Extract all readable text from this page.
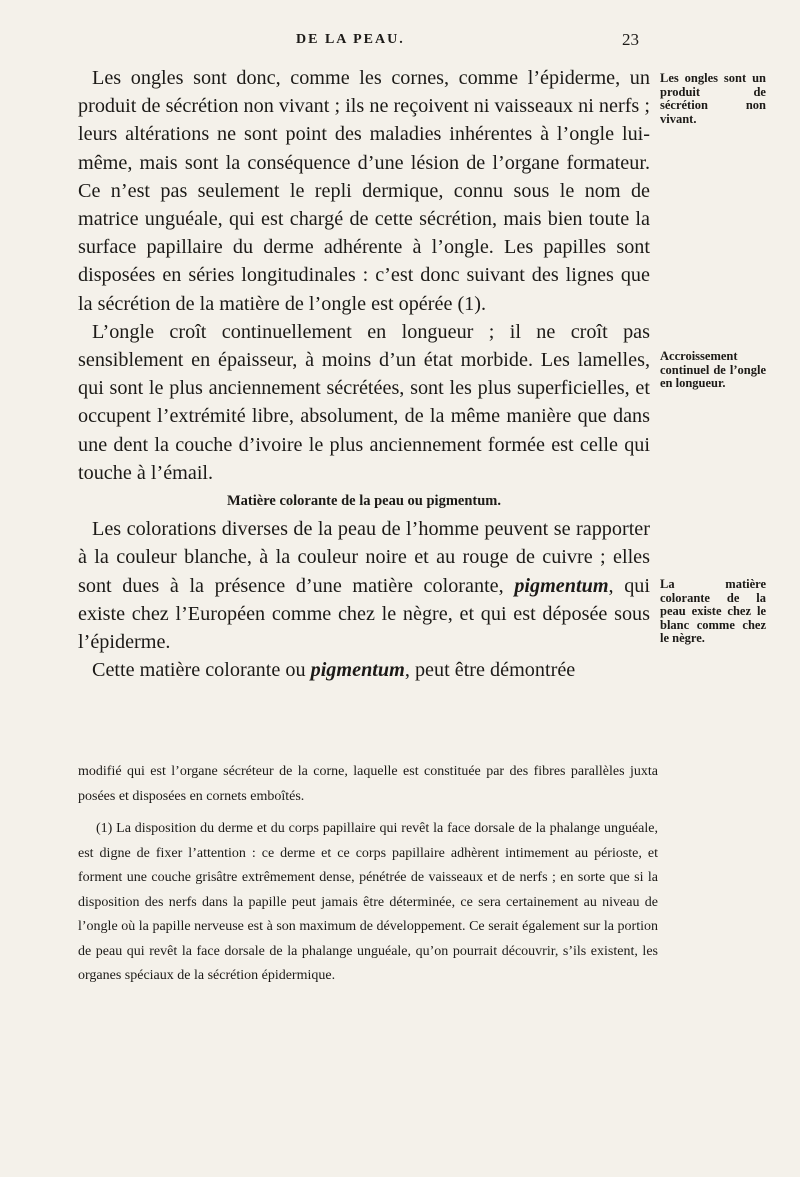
DE LA PEAU.	23

Les ongles sont donc, comme les cornes, comme l’épiderme, un produit de sécrétion non vivant ; ils ne reçoivent ni vaisseaux ni nerfs ; leurs altérations ne sont point des maladies inhérentes à l’ongle lui-même, mais sont la conséquence d’une lésion de l’organe formateur. Ce n’est pas seulement le repli dermique, connu sous le nom de matrice unguéale, qui est chargé de cette sécrétion, mais bien toute la surface papillaire du derme adhérente à l’ongle. Les papilles sont disposées en séries longitudinales : c’est donc suivant des lignes que la sécrétion de la matière de l’ongle est opérée (1).

L’ongle croît continuellement en longueur ; il ne croît pas sensiblement en épaisseur, à moins d’un état morbide. Les lamelles, qui sont le plus anciennement sécrétées, sont les plus superficielles, et occupent l’extrémité libre, absolument, de la même manière que dans une dent la couche d’ivoire le plus anciennement formée est celle qui touche à l’émail.

Matière colorante de la peau ou pigmentum.

Les colorations diverses de la peau de l’homme peuvent se rapporter à la couleur blanche, à la couleur noire et au rouge de cuivre ; elles sont dues à la présence d’une matière colorante, pigmentum, qui existe chez l’Européen comme chez le nègre, et qui est déposée sous l’épiderme.

Cette matière colorante ou pigmentum, peut être démontrée

Les ongles sont un produit de sécrétion non vivant.
Accroissement continuel de l’ongle en longueur.
La matière colorante de la peau existe chez le blanc comme chez le nègre.

modifié qui est l’organe sécréteur de la corne, laquelle est constituée par des fibres parallèles juxta posées et disposées en cornets emboîtés.

(1) La disposition du derme et du corps papillaire qui revêt la face dorsale de la phalange unguéale, est digne de fixer l’attention : ce derme et ce corps papillaire adhèrent intimement au périoste, et forment une couche grisâtre extrêmement dense, pénétrée de vaisseaux et de nerfs ; en sorte que si la disposition des nerfs dans la papille peut jamais être déterminée, ce sera certainement au niveau de l’ongle où la papille nerveuse est à son maximum de développement. Ce serait également sur la portion de peau qui revêt la face dorsale de la phalange unguéale, qu’on pourrait découvrir, s’ils existent, les organes spéciaux de la sécrétion épidermique.
